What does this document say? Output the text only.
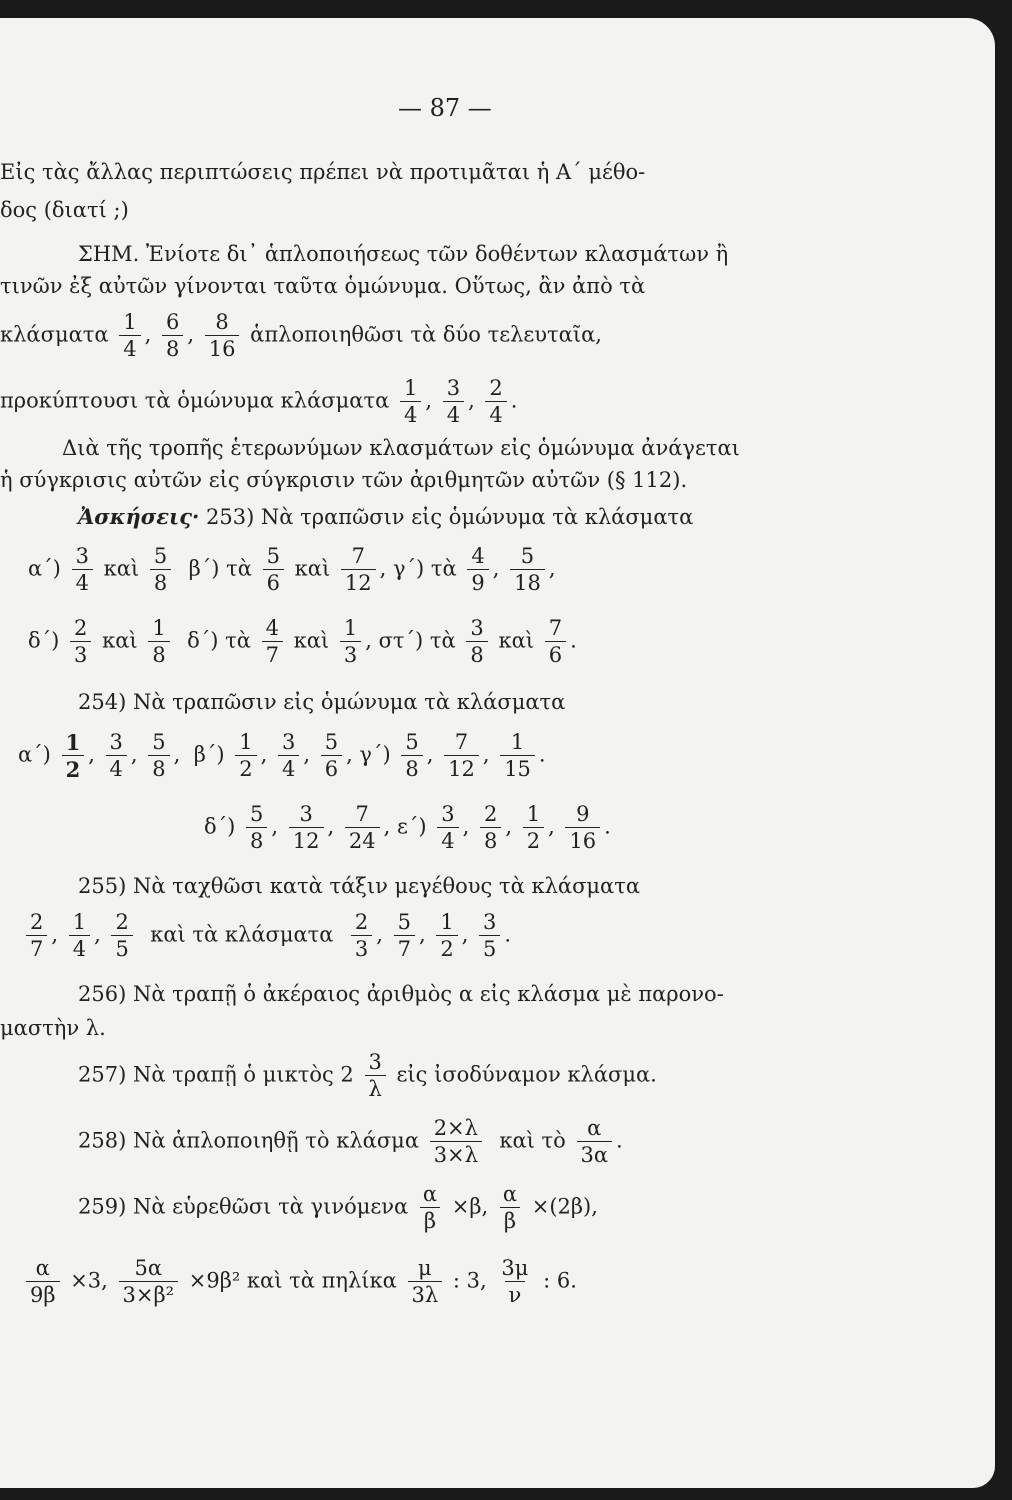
— 87 —
Εἰς τὰς ἄλλας περιπτώσεις πρέπει νὰ προτιμᾶται ἡ Α΄ μέθο-
δος (διατί ;)
ΣΗΜ. Ἐνίοτε δι᾽ ἁπλοποιήσεως τῶν δοθέντων κλασμάτων ἢ
τινῶν ἐξ αὐτῶν γίνονται ταῦτα ὁμώνυμα. Οὕτως, ἂν ἀπὸ τὰ
κλάσματα $\frac{1}{4}$ , $\frac{6}{8}$ , $\frac{8}{16}$ ἁπλοποιηθῶσι τὰ δύο τελευταῖα,
προκύπτουσι τὰ ὁμώνυμα κλάσματα $\frac{1}{4}$ , $\frac{3}{4}$ , $\frac{2}{4}$ .
Διὰ τῆς τροπῆς ἑτερωνύμων κλασμάτων εἰς ὁμώνυμα ἀνάγεται
ἡ σύγκρισις αὐτῶν εἰς σύγκρισιν τῶν ἀριθμητῶν αὐτῶν (§ 112).
Ἀσκήσεις· 253) Νὰ τραπῶσιν εἰς ὁμώνυμα τὰ κλάσματα
$\alpha΄) \frac{3}{4}$ καὶ $\frac{5}{8} \beta΄$) τὰ $\frac{5}{6}$ καὶ $\frac{7}{12}$ , γ΄) τὰ $\frac{4}{9}$ , $\frac{5}{18}$ ,
$\delta΄) \frac{2}{3}$ καὶ $\frac{1}{8} \delta΄$) τὰ $\frac{4}{7}$ καὶ $\frac{1}{3}$ , στ΄) τὰ $\frac{3}{8}$ καὶ $\frac{7}{6}$ .
254) Νὰ τραπῶσιν εἰς ὁμώνυμα τὰ κλάσματα
$\alpha΄) \frac{1}{2}$ , $\frac{3}{4}$ , $\frac{5}{8}$ ,  $\beta΄) \frac{1}{2}$ , $\frac{3}{4}$ , $\frac{5}{6}$ , $\gamma΄) \frac{5}{8}$ , $\frac{7}{12}$ , $\frac{1}{15}$ .
$\delta΄) \frac{5}{8}$ , $\frac{3}{12}$ , $\frac{7}{24}$ , $\varepsilon΄) \frac{3}{4}$ , $\frac{2}{8}$ , $\frac{1}{2}$ , $\frac{9}{16}$ .
255) Νὰ ταχθῶσι κατὰ τάξιν μεγέθους τὰ κλάσματα
$\frac{2}{7}$ , $\frac{1}{4}$ , $\frac{2}{5}$ καὶ τὰ κλάσματα $\frac{2}{3}$ , $\frac{5}{7}$ , $\frac{1}{2}$ , $\frac{3}{5}$ .
256) Νὰ τραπῇ ὁ ἀκέραιος ἀριθμὸς α εἰς κλάσμα μὲ παρονο-
μαστὴν λ.
257) Νὰ τραπῇ ὁ μικτὸς $2 \frac{3}{\lambda}$ εἰς ἰσοδύναμον κλάσμα.
258) Νὰ ἁπλοποιηθῇ τὸ κλάσμα $\frac{2\times\lambda}{3\times\lambda}$ καὶ τὸ $\frac{\alpha}{3\alpha}$ .
259) Νὰ εὑρεθῶσι τὰ γινόμενα $\frac{\alpha}{\beta} \times\beta$, $\frac{\alpha}{\beta} \times(2\beta)$,
$\frac{\alpha}{9\beta} \times 3$, $\frac{5\alpha}{\text{3×β²}} \times 9\beta^2$ καὶ τὰ πηλίκα $\frac{\mu}{3\lambda}$ : 3, $\frac{3\mu}{\nu}$ : 6.
